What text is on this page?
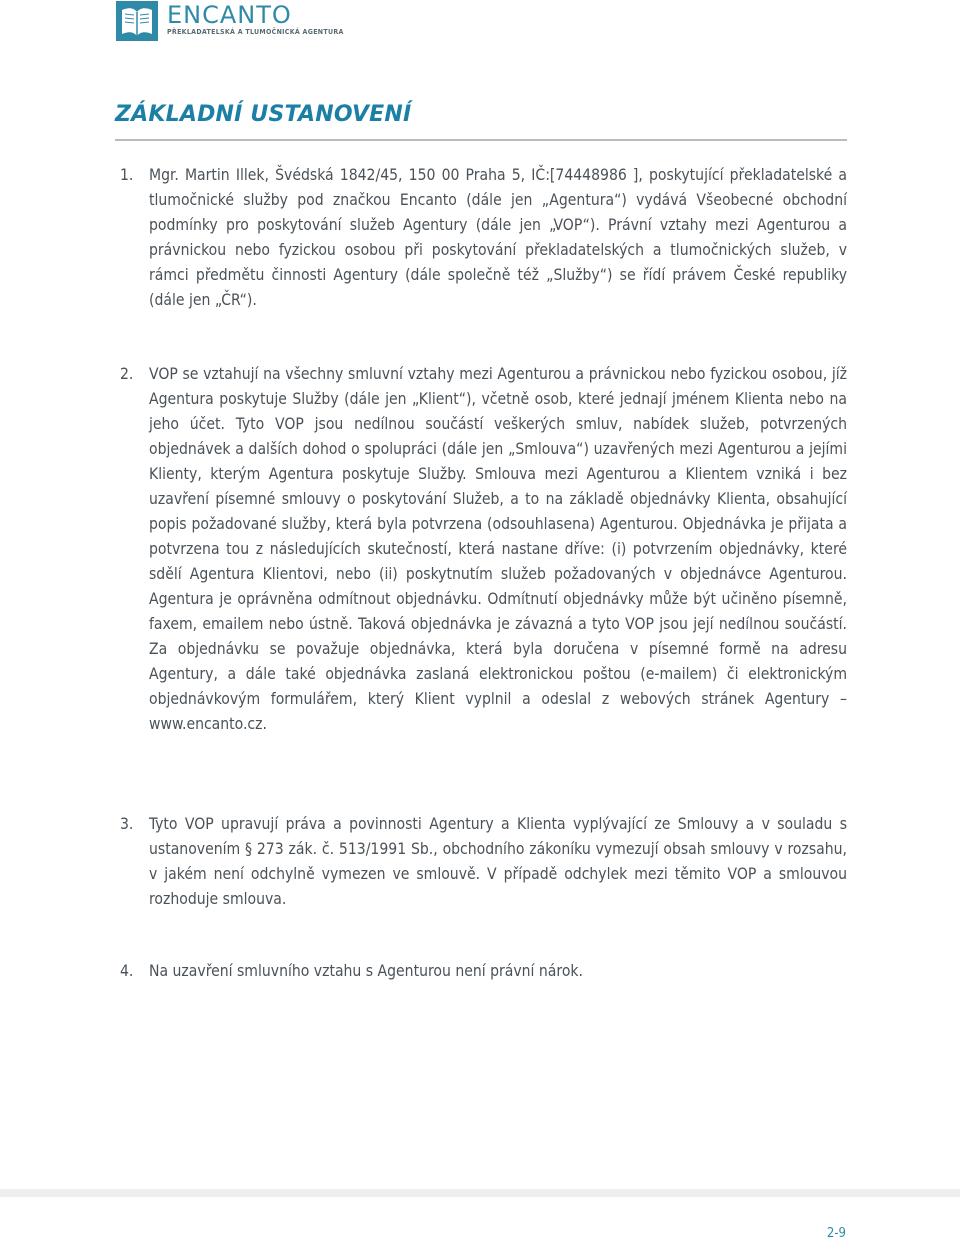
ENCANTO
PŘEKLADATELSKÁ A TLUMOČNICKÁ AGENTURA
ZÁKLADNÍ USTANOVENÍ
1. Mgr. Martin Illek, Švédská 1842/45, 150 00 Praha 5, IČ:[74448986 ], poskytující překladatelské a tlumočnické služby pod značkou Encanto (dále jen „Agentura“) vydává Všeobecné obchodní podmínky pro poskytování služeb Agentury (dále jen „VOP“). Právní vztahy mezi Agenturou a právnickou nebo fyzickou osobou při poskytování překladatelských a tlumočnických služeb, v rámci předmětu činnosti Agentury (dále společně též „Služby“) se řídí právem České republiky (dále jen „ČR“).
2. VOP se vztahují na všechny smluvní vztahy mezi Agenturou a právnickou nebo fyzickou osobou, jíž Agentura poskytuje Služby (dále jen „Klient“), včetně osob, které jednají jménem Klienta nebo na jeho účet. Tyto VOP jsou nedílnou součástí veškerých smluv, nabídek služeb, potvrzených objednávek a dalších dohod o spolupráci (dále jen „Smlouva“) uzavřených mezi Agenturou a jejími Klienty, kterým Agentura poskytuje Služby. Smlouva mezi Agenturou a Klientem vzniká i bez uzavření písemné smlouvy o poskytování Služeb, a to na základě objednávky Klienta, obsahující popis požadované služby, která byla potvrzena (odsouhlasena) Agenturou. Objednávka je přijata a potvrzena tou z následujících skutečností, která nastane dříve: (i) potvrzením objednávky, které sdělí Agentura Klientovi, nebo (ii) poskytnutím služeb požadovaných v objednávce Agenturou. Agentura je oprávněna odmítnout objednávku. Odmítnutí objednávky může být učiněno písemně, faxem, emailem nebo ústně. Taková objednávka je závazná a tyto VOP jsou její nedílnou součástí. Za objednávku se považuje objednávka, která byla doručena v písemné formě na adresu Agentury, a dále také objednávka zaslaná elektronickou poštou (e-mailem) či elektronickým objednávkovým formulářem, který Klient vyplnil a odeslal z webových stránek Agentury – www.encanto.cz.
3. Tyto VOP upravují práva a povinnosti Agentury a Klienta vyplývající ze Smlouvy a v souladu s ustanovením § 273 zák. č. 513/1991 Sb., obchodního zákoníku vymezují obsah smlouvy v rozsahu, v jakém není odchylně vymezen ve smlouvě. V případě odchylek mezi těmito VOP a smlouvou rozhoduje smlouva.
4. Na uzavření smluvního vztahu s Agenturou není právní nárok.
2-9
